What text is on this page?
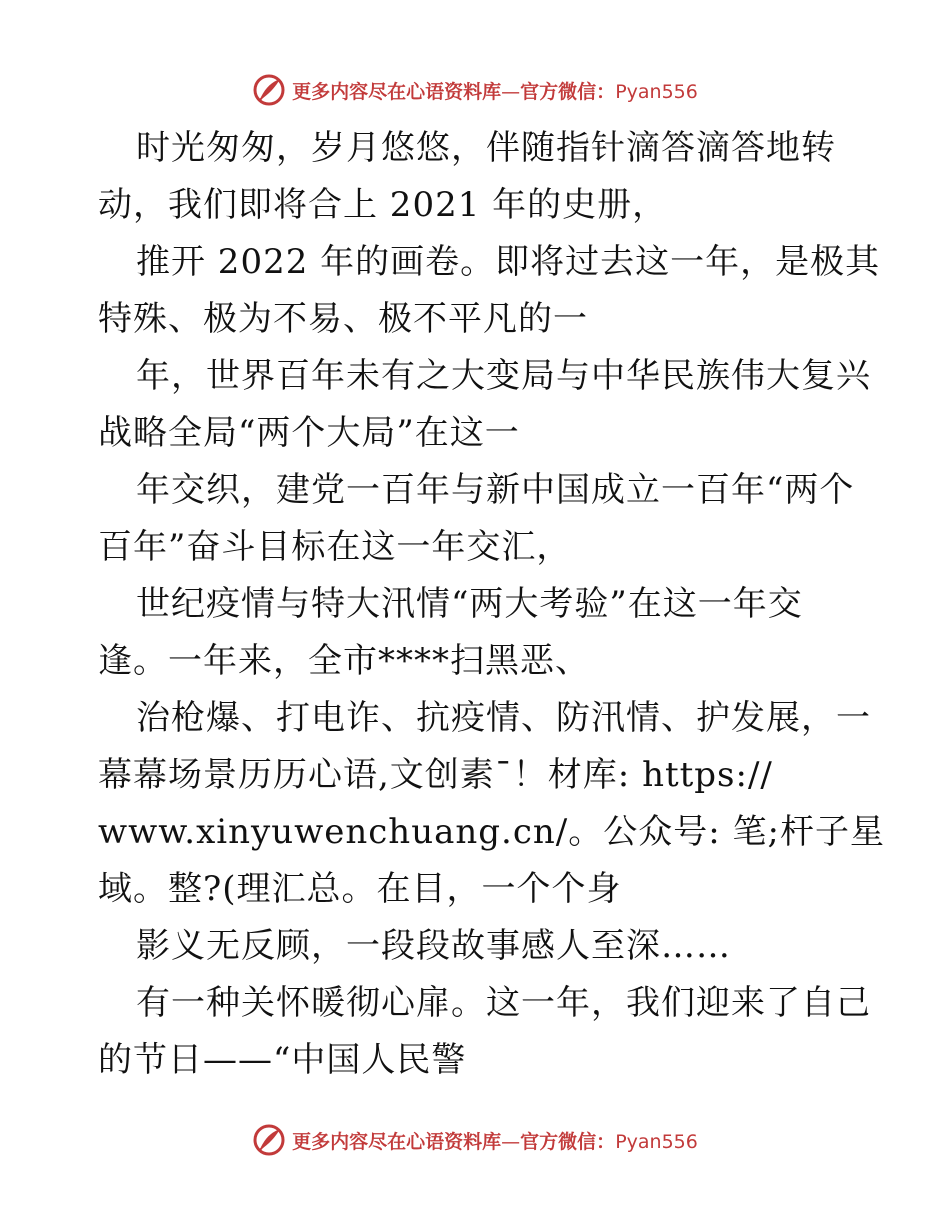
更多内容尽在心语资料库—官方微信：Pyan556
时光匆匆，岁月悠悠，伴随指针滴答滴答地转
动，我们即将合上 2021 年的史册，
推开 2022 年的画卷。即将过去这一年，是极其
特殊、极为不易、极不平凡的一
年，世界百年未有之大变局与中华民族伟大复兴
战略全局“两个大局”在这一
年交织，建党一百年与新中国成立一百年“两个
百年”奋斗目标在这一年交汇，
世纪疫情与特大汛情“两大考验”在这一年交
逢。一年来，全市****扫黑恶、
治枪爆、打电诈、抗疫情、防汛情、护发展，一
幕幕场景历历心语,文创素¯！材库: https://
www.xinyuwenchuang.cn/。公众号: 笔;杆子星
域。整?(理汇总。在目，一个个身
影义无反顾，一段段故事感人至深……
有一种关怀暖彻心扉。这一年，我们迎来了自己
的节日——“中国人民警
更多内容尽在心语资料库—官方微信：Pyan556
